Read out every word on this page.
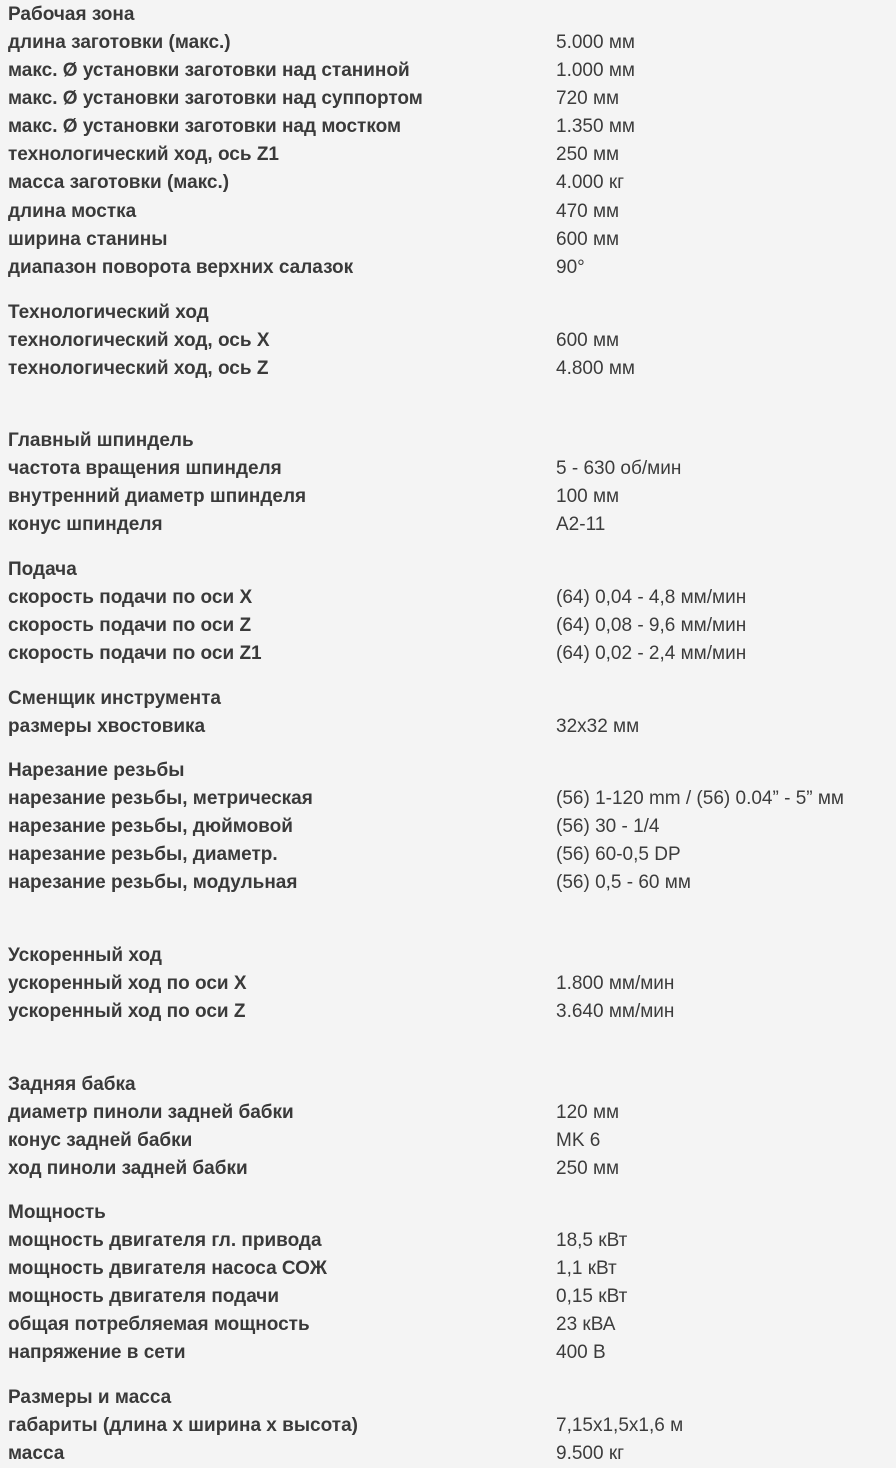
Рабочая зона
длина заготовки (макс.)	5.000 мм
макс. Ø установки заготовки над станиной	1.000 мм
макс. Ø установки заготовки над суппортом	720 мм
макс. Ø установки заготовки над мостком	1.350 мм
технологический ход, ось Z1	250 мм
масса заготовки (макс.)	4.000 кг
длина мостка	470 мм
ширина станины	600 мм
диапазон поворота верхних салазок	90°
Технологический ход
технологический ход, ось X	600 мм
технологический ход, ось Z	4.800 мм
Главный шпиндель
частота вращения шпинделя	5 - 630 об/мин
внутренний диаметр шпинделя	100 мм
конус шпинделя	A2-11
Подача
скорость подачи по оси X	(64) 0,04 - 4,8 мм/мин
скорость подачи по оси Z	(64) 0,08 - 9,6 мм/мин
скорость подачи по оси Z1	(64) 0,02 - 2,4 мм/мин
Сменщик инструмента
размеры хвостовика	32x32 мм
Нарезание резьбы
нарезание резьбы, метрическая	(56) 1-120 mm / (56) 0.04” - 5” мм
нарезание резьбы, дюймовой	(56) 30 - 1/4
нарезание резьбы, диаметр.	(56) 60-0,5 DP
нарезание резьбы, модульная	(56) 0,5 - 60 мм
Ускоренный ход
ускоренный ход по оси X	1.800 мм/мин
ускоренный ход по оси Z	3.640 мм/мин
Задняя бабка
диаметр пиноли задней бабки	120 мм
конус задней бабки	MK 6
ход пиноли задней бабки	250 мм
Мощность
мощность двигателя гл. привода	18,5 кВт
мощность двигателя насоса СОЖ	1,1 кВт
мощность двигателя подачи	0,15 кВт
общая потребляемая мощность	23 кВА
напряжение в сети	400 В
Размеры и масса
габариты (длина x ширина x высота)	7,15x1,5x1,6 м
масса	9.500 кг
